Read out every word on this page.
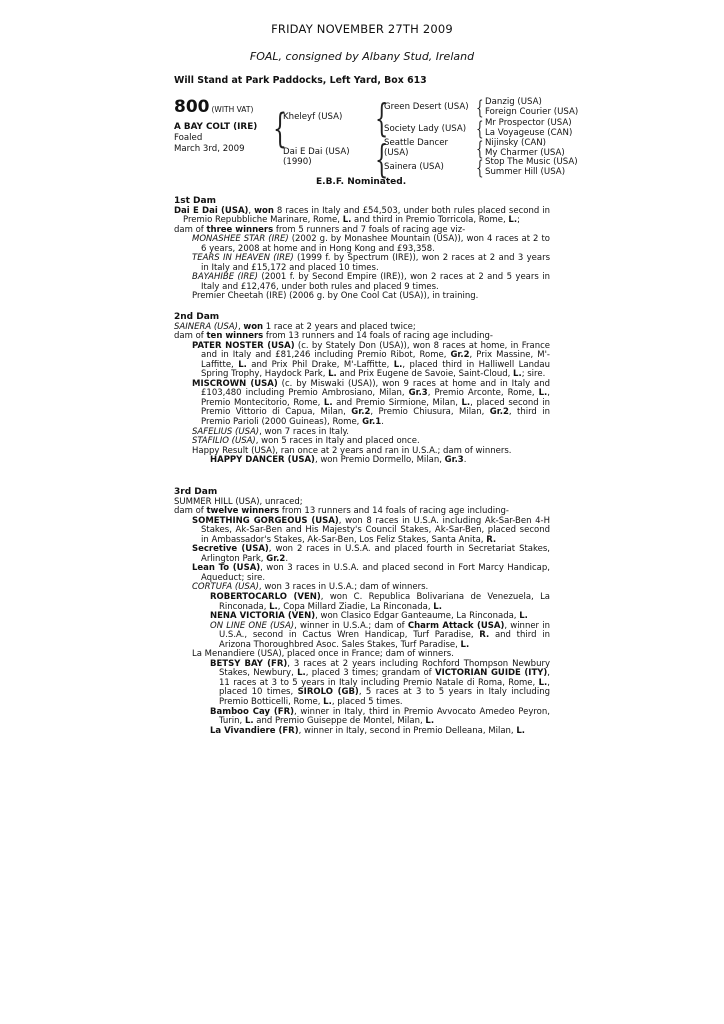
FRIDAY NOVEMBER 27TH 2009
FOAL, consigned by Albany Stud, Ireland
Will Stand at Park Paddocks, Left Yard, Box 613
800 (WITH VAT)
A BAY COLT (IRE)
Foaled
March 3rd, 2009 {
Kheleyf (USA)
Dai E Dai (USA)
(1990)
{
Green Desert (USA)
Society Lady (USA)
{
Seattle Dancer
(USA)
Sainera (USA)
{ Danzig (USA)
Foreign Courier (USA)
{ Mr Prospector (USA)
La Voyageuse (CAN)
{ Nijinsky (CAN)
My Charmer (USA)
{ Stop The Music (USA)
Summer Hill (USA)
E.B.F. Nominated.
1st Dam

Dai E Dai (USA), won 8 races in Italy and £54,503, under both rules placed second in Premio Repubbliche Marinare, Rome, L. and third in Premio Torricola, Rome, L.;

dam of three winners from 5 runners and 7 foals of racing age viz-

MONASHEE STAR (IRE) (2002 g. by Monashee Mountain (USA)), won 4 races at 2 to 6 years, 2008 at home and in Hong Kong and £93,358.

TEARS IN HEAVEN (IRE) (1999 f. by Spectrum (IRE)), won 2 races at 2 and 3 years in Italy and £15,172 and placed 10 times.

BAYAHIBE (IRE) (2001 f. by Second Empire (IRE)), won 2 races at 2 and 5 years in Italy and £12,476, under both rules and placed 9 times.

Premier Cheetah (IRE) (2006 g. by One Cool Cat (USA)), in training.

2nd Dam

SAINERA (USA), won 1 race at 2 years and placed twice;

dam of ten winners from 13 runners and 14 foals of racing age including-

PATER NOSTER (USA) (c. by Stately Don (USA)), won 8 races at home, in France and in Italy and £81,246 including Premio Ribot, Rome, Gr.2, Prix Massine, M'-Laffitte, L. and Prix Phil Drake, M'-Laffitte, L., placed third in Halliwell Landau Spring Trophy, Haydock Park, L. and Prix Eugene de Savoie, Saint-Cloud, L.; sire.

MISCROWN (USA) (c. by Miswaki (USA)), won 9 races at home and in Italy and £103,480 including Premio Ambrosiano, Milan, Gr.3, Premio Arconte, Rome, L., Premio Montecitorio, Rome, L. and Premio Sirmione, Milan, L., placed second in Premio Vittorio di Capua, Milan, Gr.2, Premio Chiusura, Milan, Gr.2, third in Premio Parioli (2000 Guineas), Rome, Gr.1.

SAFELIUS (USA), won 7 races in Italy.

STAFILIO (USA), won 5 races in Italy and placed once.

Happy Result (USA), ran once at 2 years and ran in U.S.A.; dam of winners.

HAPPY DANCER (USA), won Premio Dormello, Milan, Gr.3.

3rd Dam

SUMMER HILL (USA), unraced;

dam of twelve winners from 13 runners and 14 foals of racing age including-

SOMETHING GORGEOUS (USA), won 8 races in U.S.A. including Ak-Sar-Ben 4-H Stakes, Ak-Sar-Ben and His Majesty's Council Stakes, Ak-Sar-Ben, placed second in Ambassador's Stakes, Ak-Sar-Ben, Los Feliz Stakes, Santa Anita, R.

Secretive (USA), won 2 races in U.S.A. and placed fourth in Secretariat Stakes, Arlington Park, Gr.2.

Lean To (USA), won 3 races in U.S.A. and placed second in Fort Marcy Handicap, Aqueduct; sire.

CORTUFA (USA), won 3 races in U.S.A.; dam of winners.

ROBERTOCARLO (VEN), won C. Republica Bolivariana de Venezuela, La Rinconada, L., Copa Millard Ziadie, La Rinconada, L.

NENA VICTORIA (VEN), won Clasico Edgar Ganteaume, La Rinconada, L.

ON LINE ONE (USA), winner in U.S.A.; dam of Charm Attack (USA), winner in U.S.A., second in Cactus Wren Handicap, Turf Paradise, R. and third in Arizona Thoroughbred Asoc. Sales Stakes, Turf Paradise, L.

La Menandiere (USA), placed once in France; dam of winners.

BETSY BAY (FR), 3 races at 2 years including Rochford Thompson Newbury Stakes, Newbury, L., placed 3 times; grandam of VICTORIAN GUIDE (ITY), 11 races at 3 to 5 years in Italy including Premio Natale di Roma, Rome, L., placed 10 times, SIROLO (GB), 5 races at 3 to 5 years in Italy including Premio Botticelli, Rome, L., placed 5 times.

Bamboo Cay (FR), winner in Italy, third in Premio Avvocato Amedeo Peyron, Turin, L. and Premio Guiseppe de Montel, Milan, L.

La Vivandiere (FR), winner in Italy, second in Premio Delleana, Milan, L.
